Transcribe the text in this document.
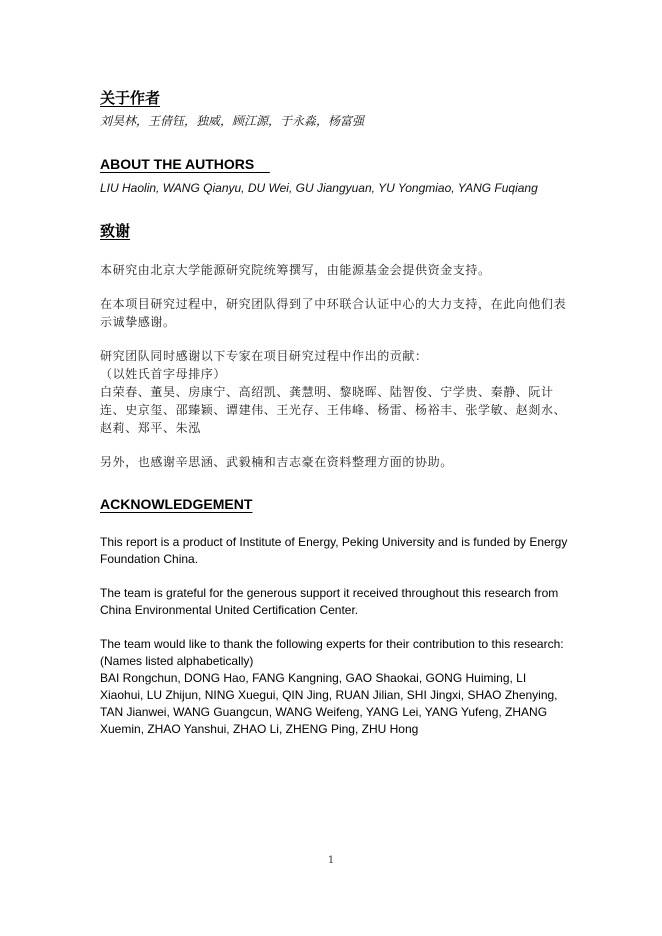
关于作者

刘昊林，王倩钰，独威，顾江源，于永淼，杨富强

ABOUT THE AUTHORS

LIU Haolin, WANG Qianyu, DU Wei, GU Jiangyuan, YU Yongmiao, YANG Fuqiang

致谢

本研究由北京大学能源研究院统筹撰写，由能源基金会提供资金支持。

在本项目研究过程中，研究团队得到了中环联合认证中心的大力支持，在此向他们表示诚挚感谢。

研究团队同时感谢以下专家在项目研究过程中作出的贡献：

（以姓氏首字母排序）

白荣春、董昊、房康宁、高绍凯、龚慧明、黎晓晖、陆智俊、宁学贵、秦静、阮计连、史京玺、邵臻颖、谭建伟、王光存、王伟峰、杨雷、杨裕丰、张学敏、赵剡水、赵莉、郑平、朱泓

另外，也感谢辛思涵、武毅楠和吉志豪在资料整理方面的协助。

ACKNOWLEDGEMENT

This report is a product of Institute of Energy, Peking University and is funded by Energy Foundation China.

The team is grateful for the generous support it received throughout this research from China Environmental United Certification Center.

The team would like to thank the following experts for their contribution to this research:

(Names listed alphabetically)

BAI Rongchun, DONG Hao, FANG Kangning, GAO Shaokai, GONG Huiming, LI Xiaohui, LU Zhijun, NING Xuegui, QIN Jing, RUAN Jilian, SHI Jingxi, SHAO Zhenying, TAN Jianwei, WANG Guangcun, WANG Weifeng, YANG Lei, YANG Yufeng, ZHANG Xuemin, ZHAO Yanshui, ZHAO Li, ZHENG Ping, ZHU Hong

1
